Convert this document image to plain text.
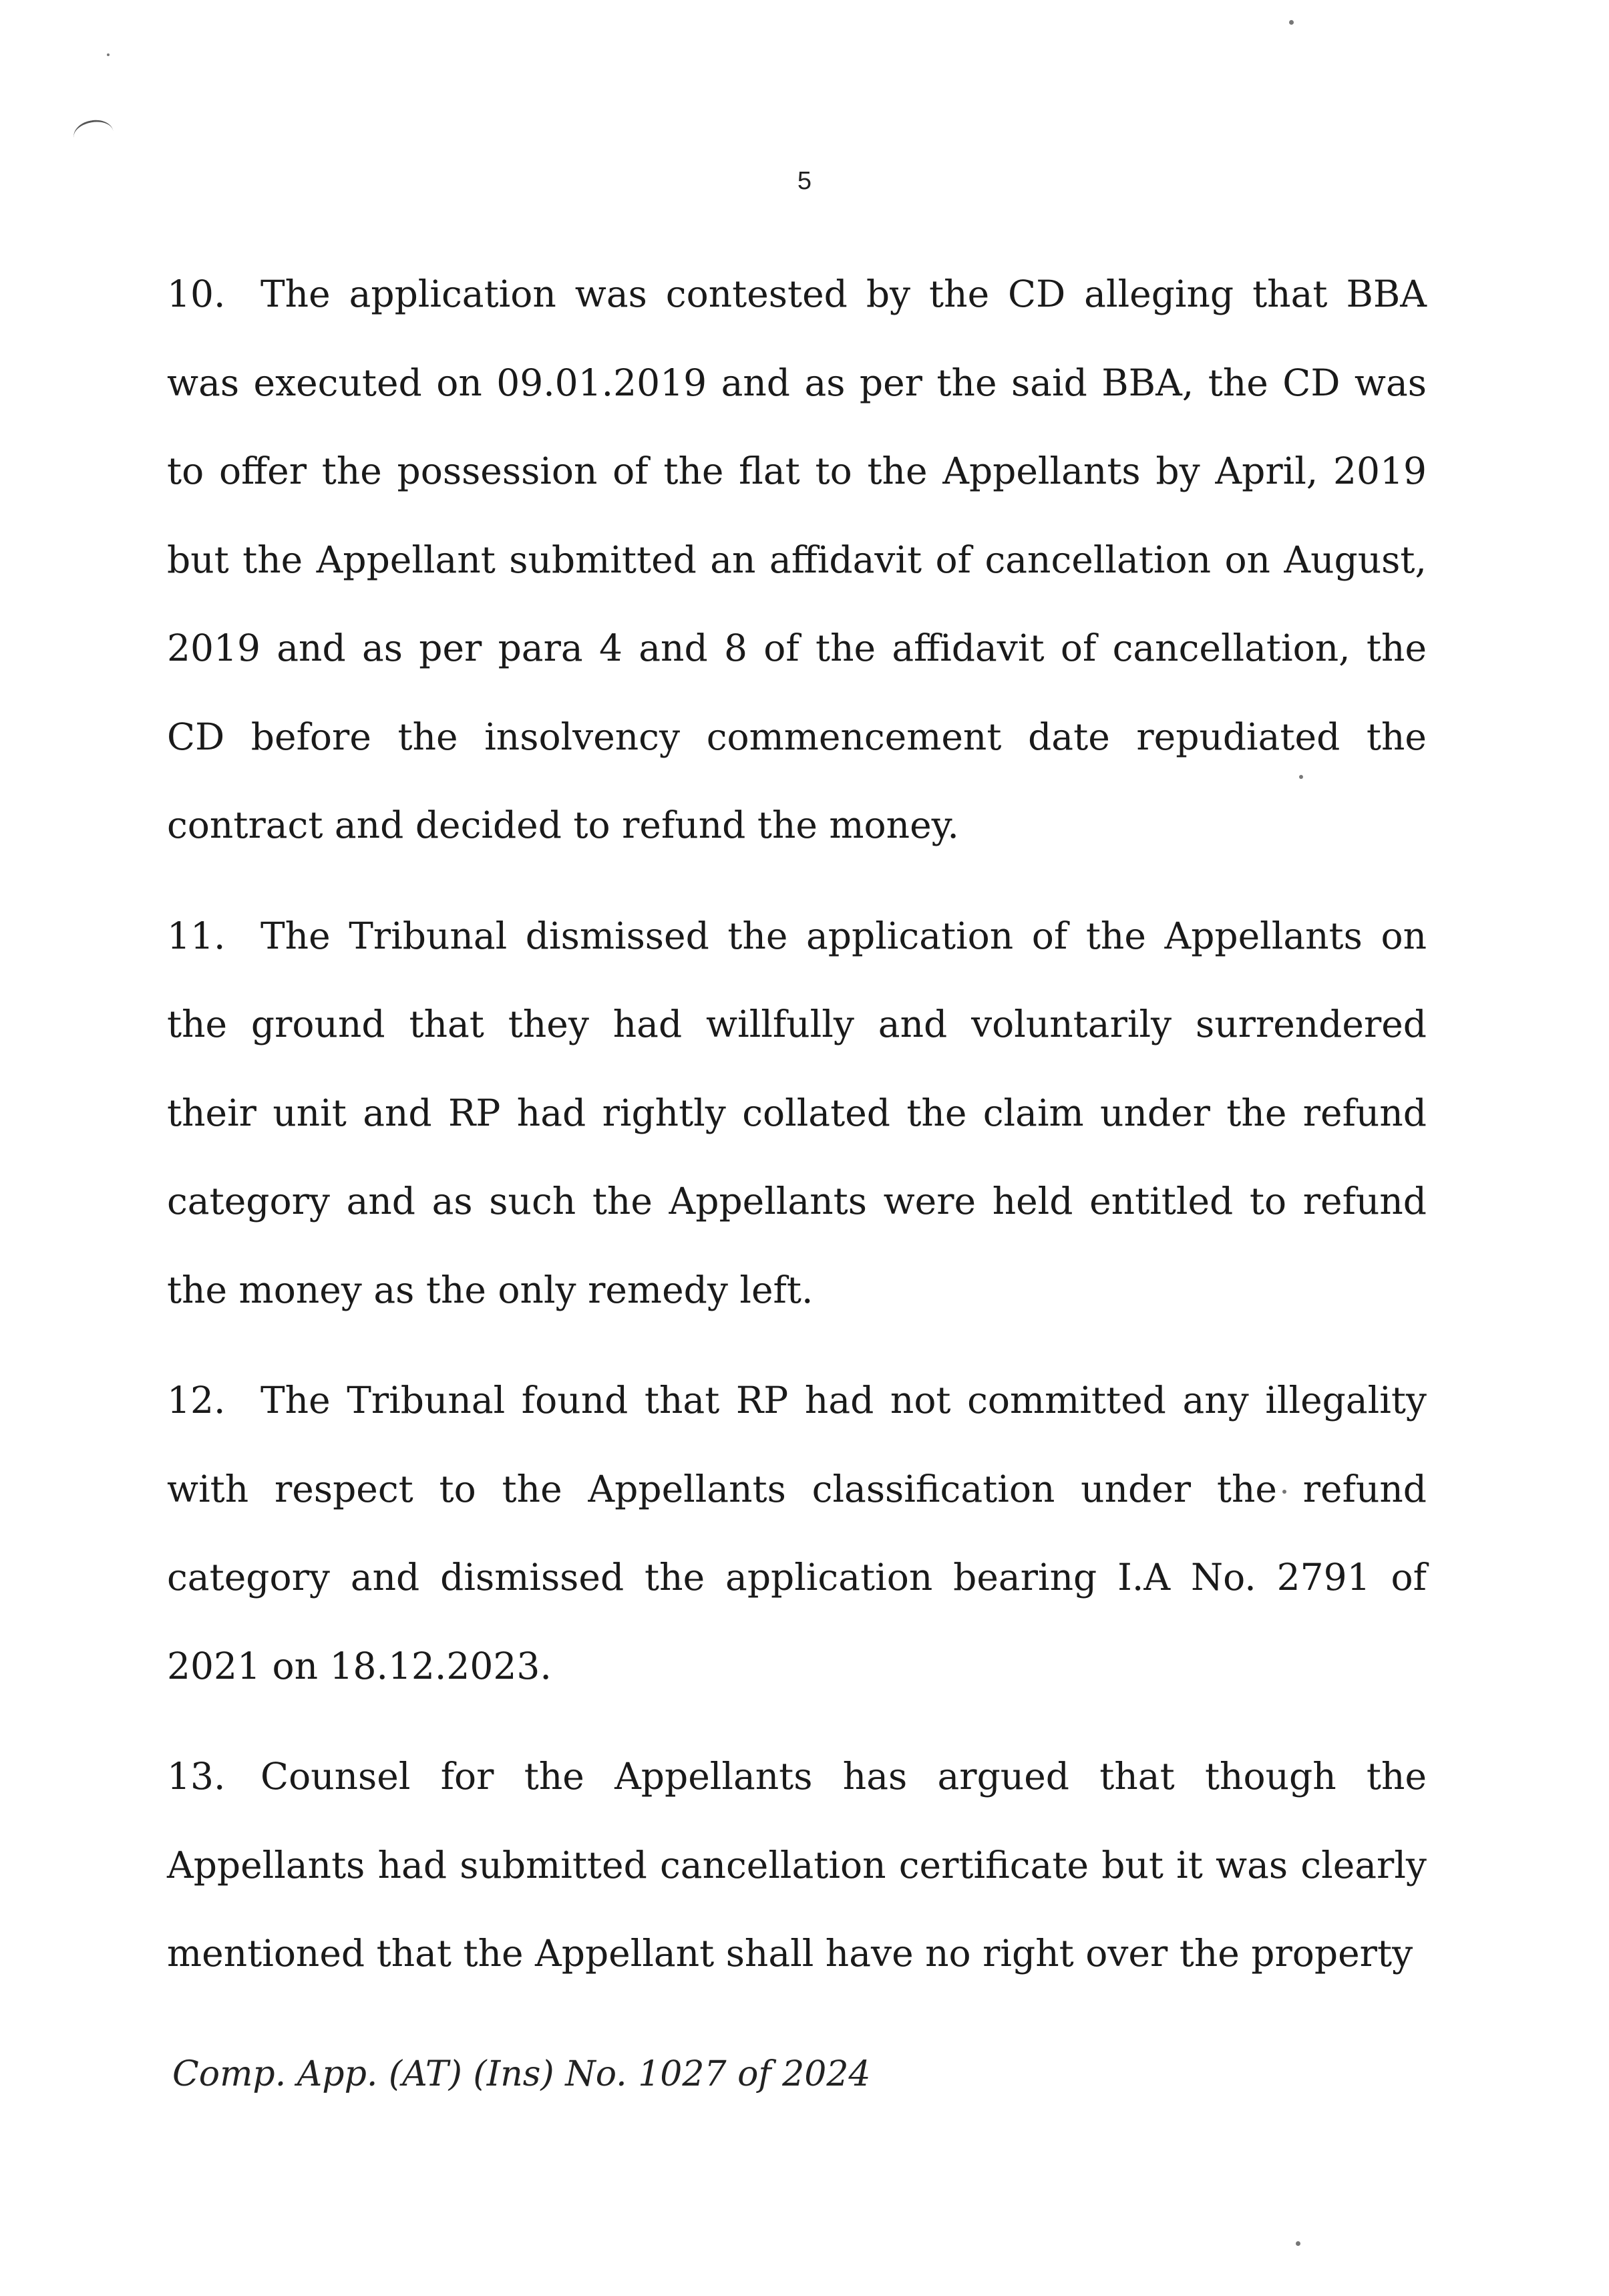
5

10. The application was contested by the CD alleging that BBA was executed on 09.01.2019 and as per the said BBA, the CD was to offer the possession of the flat to the Appellants by April, 2019 but the Appellant submitted an affidavit of cancellation on August, 2019 and as per para 4 and 8 of the affidavit of cancellation, the CD before the insolvency commencement date repudiated the contract and decided to refund the money.

11. The Tribunal dismissed the application of the Appellants on the ground that they had willfully and voluntarily surrendered their unit and RP had rightly collated the claim under the refund category and as such the Appellants were held entitled to refund the money as the only remedy left.

12. The Tribunal found that RP had not committed any illegality with respect to the Appellants classification under the refund category and dismissed the application bearing I.A No. 2791 of 2021 on 18.12.2023.

13. Counsel for the Appellants has argued that though the Appellants had submitted cancellation certificate but it was clearly mentioned that the Appellant shall have no right over the property

Comp. App. (AT) (Ins) No. 1027 of 2024
